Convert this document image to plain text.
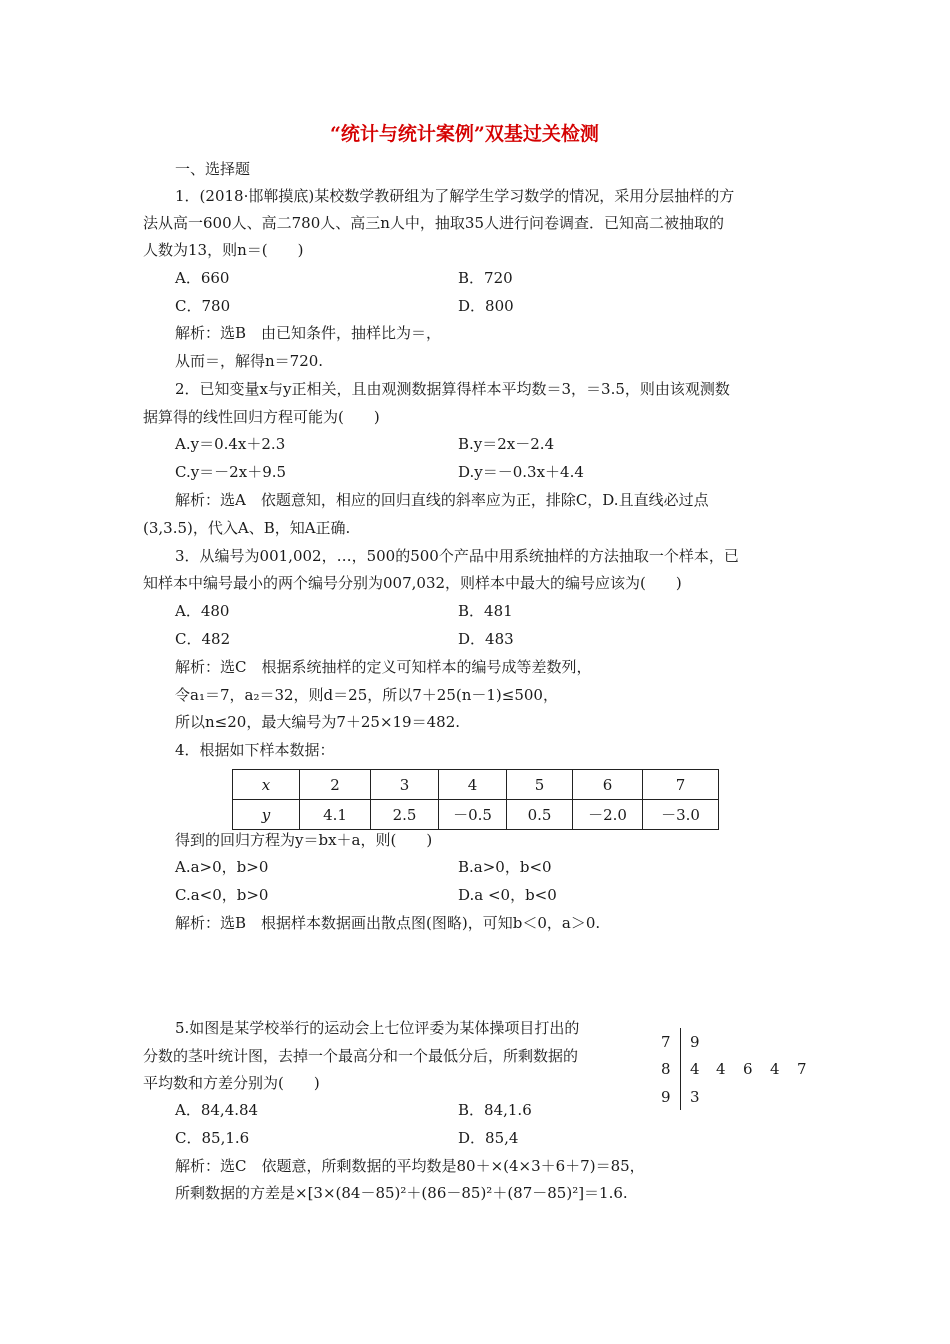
“统计与统计案例”双基过关检测
一、选择题
1．(2018·邯郸摸底)某校数学教研组为了解学生学习数学的情况，采用分层抽样的方
法从高一600人、高二780人、高三n人中，抽取35人进行问卷调查．已知高二被抽取的
人数为13，则n＝(　　)
A．660	B．720
C．780	D．800
解析：选B　由已知条件，抽样比为＝，
从而＝，解得n＝720.
2．已知变量x与y正相关，且由观测数据算得样本平均数＝3，＝3.5，则由该观测数
据算得的线性回归方程可能为(　　)
A.y＝0.4x＋2.3	B.y＝2x－2.4
C.y＝－2x＋9.5	D.y＝－0.3x＋4.4
解析：选A　依题意知，相应的回归直线的斜率应为正，排除C，D.且直线必过点
(3,3.5)，代入A、B，知A正确.
3．从编号为001,002，…，500的500个产品中用系统抽样的方法抽取一个样本，已
知样本中编号最小的两个编号分别为007,032，则样本中最大的编号应该为(　　)
A．480	B．481
C．482	D．483
解析：选C　根据系统抽样的定义可知样本的编号成等差数列，
令a₁＝7，a₂＝32，则d＝25，所以7＋25(n－1)≤500，
所以n≤20，最大编号为7＋25×19＝482.
4．根据如下样本数据：
x	2	3	4	5	6	7
y	4.1	2.5	－0.5	0.5	－2.0	－3.0
得到的回归方程为y＝bx＋a，则(　　)
A.a>0，b>0	B.a>0，b<0
C.a<0，b>0	D.a <0，b<0
解析：选B　根据样本数据画出散点图(图略)，可知b＜0，a＞0.
5.如图是某学校举行的运动会上七位评委为某体操项目打出的
分数的茎叶统计图，去掉一个最高分和一个最低分后，所剩数据的
平均数和方差分别为(　　)
7 9
8 4 4 6 4 7
9 3
A．84,4.84	B．84,1.6
C．85,1.6	D．85,4
解析：选C　依题意，所剩数据的平均数是80＋×(4×3＋6＋7)＝85，
所剩数据的方差是×[3×(84－85)²＋(86－85)²＋(87－85)²]＝1.6.
